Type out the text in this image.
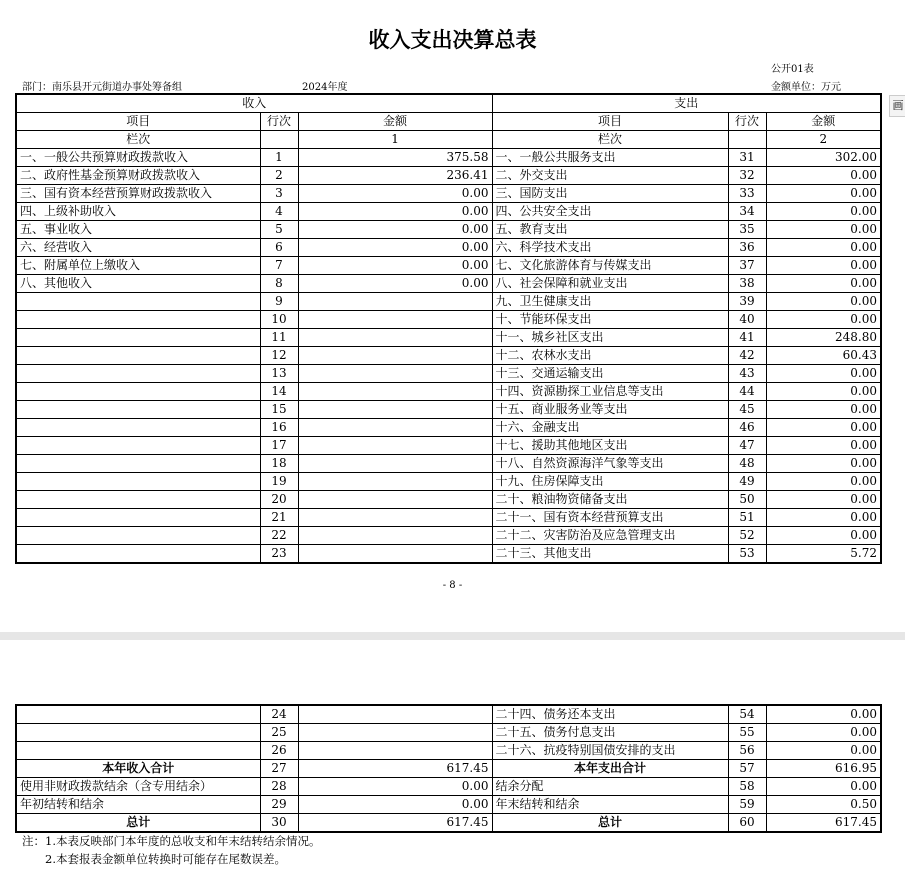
收入支出决算总表
公开01表
部门：南乐县开元街道办事处筹备组	2024年度	金额单位：万元
画
收入			支出		
项目	行次	金额	项目	行次	金额
栏次		1	栏次		2
一、一般公共预算财政拨款收入	1	375.58	一、一般公共服务支出	31	302.00
二、政府性基金预算财政拨款收入	2	236.41	二、外交支出	32	0.00
三、国有资本经营预算财政拨款收入	3	0.00	三、国防支出	33	0.00
四、上级补助收入	4	0.00	四、公共安全支出	34	0.00
五、事业收入	5	0.00	五、教育支出	35	0.00
六、经营收入	6	0.00	六、科学技术支出	36	0.00
七、附属单位上缴收入	7	0.00	七、文化旅游体育与传媒支出	37	0.00
八、其他收入	8	0.00	八、社会保障和就业支出	38	0.00
	9		九、卫生健康支出	39	0.00
	10		十、节能环保支出	40	0.00
	11		十一、城乡社区支出	41	248.80
	12		十二、农林水支出	42	60.43
	13		十三、交通运输支出	43	0.00
	14		十四、资源勘探工业信息等支出	44	0.00
	15		十五、商业服务业等支出	45	0.00
	16		十六、金融支出	46	0.00
	17		十七、援助其他地区支出	47	0.00
	18		十八、自然资源海洋气象等支出	48	0.00
	19		十九、住房保障支出	49	0.00
	20		二十、粮油物资储备支出	50	0.00
	21		二十一、国有资本经营预算支出	51	0.00
	22		二十二、灾害防治及应急管理支出	52	0.00
	23		二十三、其他支出	53	5.72
- 8 -
	24		二十四、债务还本支出	54	0.00
	25		二十五、债务付息支出	55	0.00
	26		二十六、抗疫特别国债安排的支出	56	0.00
本年收入合计	27	617.45	本年支出合计	57	616.95
使用非财政拨款结余（含专用结余）	28	0.00	结余分配	58	0.00
年初结转和结余	29	0.00	年末结转和结余	59	0.50
总计	30	617.45	总计	60	617.45
注：1.本表反映部门本年度的总收支和年末结转结余情况。
2.本套报表金额单位转换时可能存在尾数误差。
